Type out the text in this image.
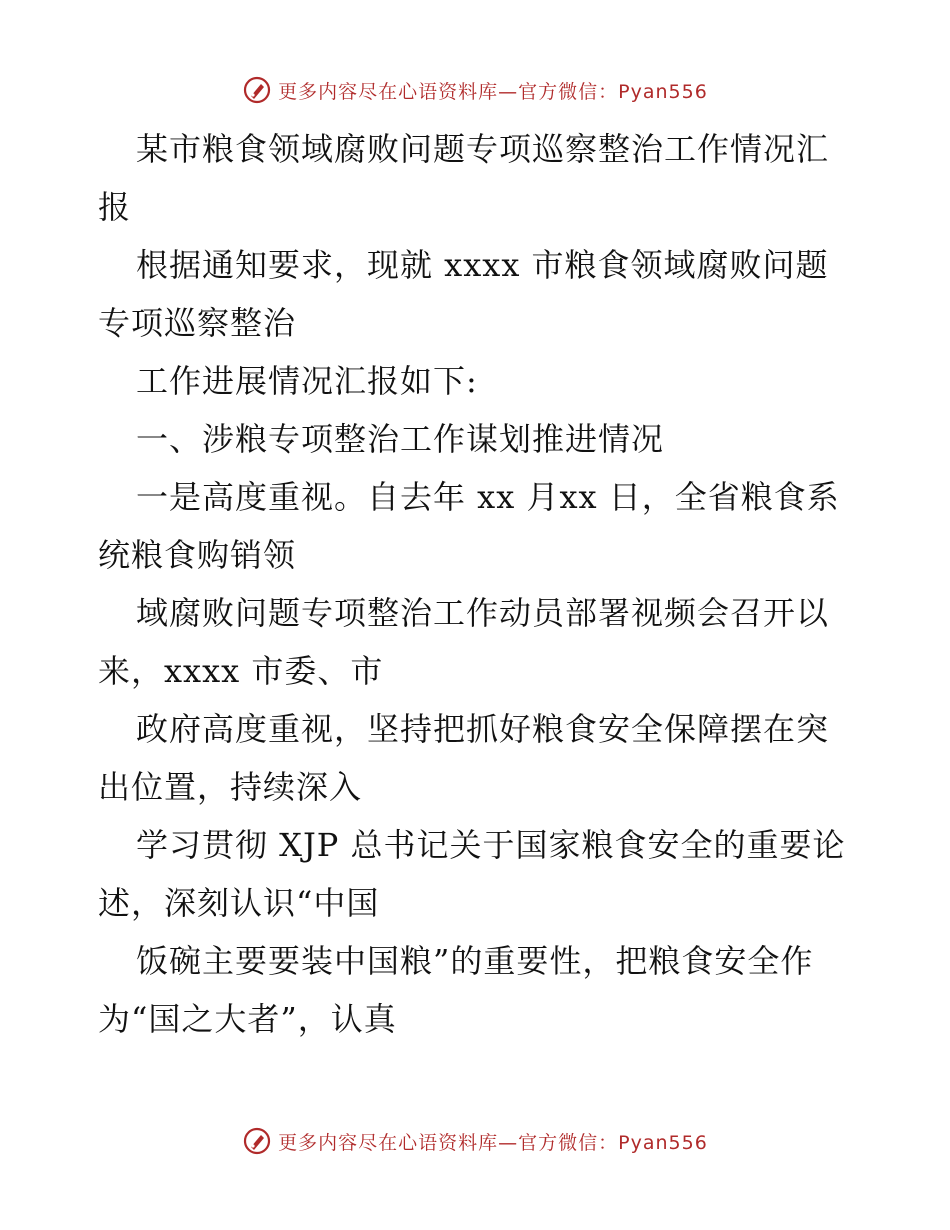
更多内容尽在心语资料库—官方微信：Pyan556

某市粮食领域腐败问题专项巡察整治工作情况汇报

根据通知要求，现就 xxxx 市粮食领域腐败问题专项巡察整治

工作进展情况汇报如下:

一、涉粮专项整治工作谋划推进情况

一是高度重视。自去年 xx 月xx 日，全省粮食系统粮食购销领

域腐败问题专项整治工作动员部署视频会召开以来，xxxx 市委、市

政府高度重视，坚持把抓好粮食安全保障摆在突出位置，持续深入

学习贯彻 XJP 总书记关于国家粮食安全的重要论述，深刻认识“中国

饭碗主要要装中国粮”的重要性，把粮食安全作为“国之大者”，认真

更多内容尽在心语资料库—官方微信：Pyan556
